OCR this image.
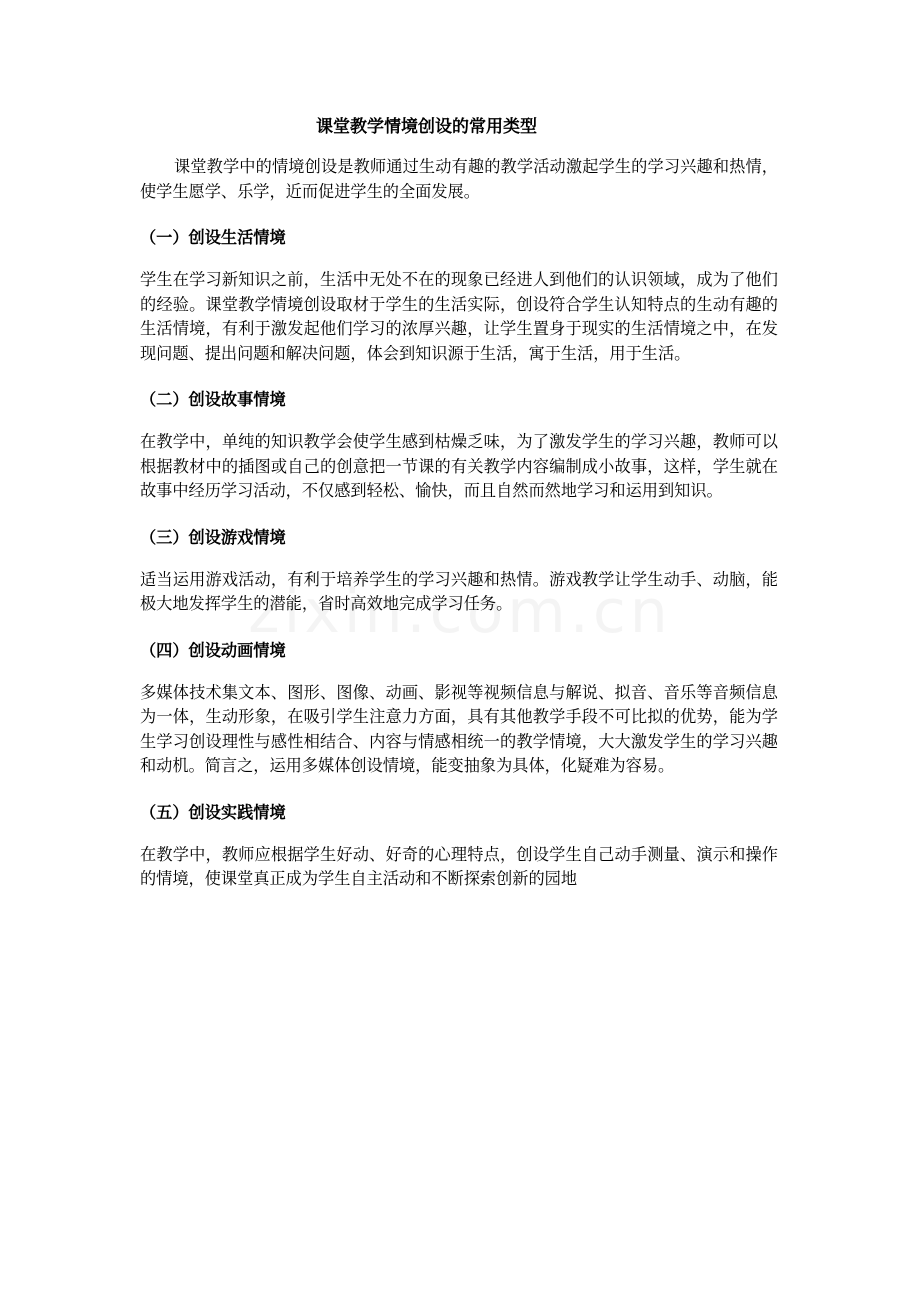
课堂教学情境创设的常用类型

课堂教学中的情境创设是教师通过生动有趣的教学活动激起学生的学习兴趣和热情，使学生愿学、乐学，近而促进学生的全面发展。

（一）创设生活情境

学生在学习新知识之前，生活中无处不在的现象已经进人到他们的认识领域，成为了他们的经验。课堂教学情境创设取材于学生的生活实际，创设符合学生认知特点的生动有趣的生活情境，有利于激发起他们学习的浓厚兴趣，让学生置身于现实的生活情境之中，在发现问题、提出问题和解决问题，体会到知识源于生活，寓于生活，用于生活。

（二）创设故事情境

在教学中，单纯的知识教学会使学生感到枯燥乏味，为了激发学生的学习兴趣，教师可以根据教材中的插图或自己的创意把一节课的有关教学内容编制成小故事，这样，学生就在故事中经历学习活动，不仅感到轻松、愉快，而且自然而然地学习和运用到知识。

（三）创设游戏情境

适当运用游戏活动，有利于培养学生的学习兴趣和热情。游戏教学让学生动手、动脑，能极大地发挥学生的潜能，省时高效地完成学习任务。

（四）创设动画情境

多媒体技术集文本、图形、图像、动画、影视等视频信息与解说、拟音、音乐等音频信息为一体，生动形象，在吸引学生注意力方面，具有其他教学手段不可比拟的优势，能为学生学习创设理性与感性相结合、内容与情感相统一的教学情境，大大激发学生的学习兴趣和动机。简言之，运用多媒体创设情境，能变抽象为具体，化疑难为容易。

（五）创设实践情境

在教学中，教师应根据学生好动、好奇的心理特点，创设学生自己动手测量、演示和操作的情境，使课堂真正成为学生自主活动和不断探索创新的园地
